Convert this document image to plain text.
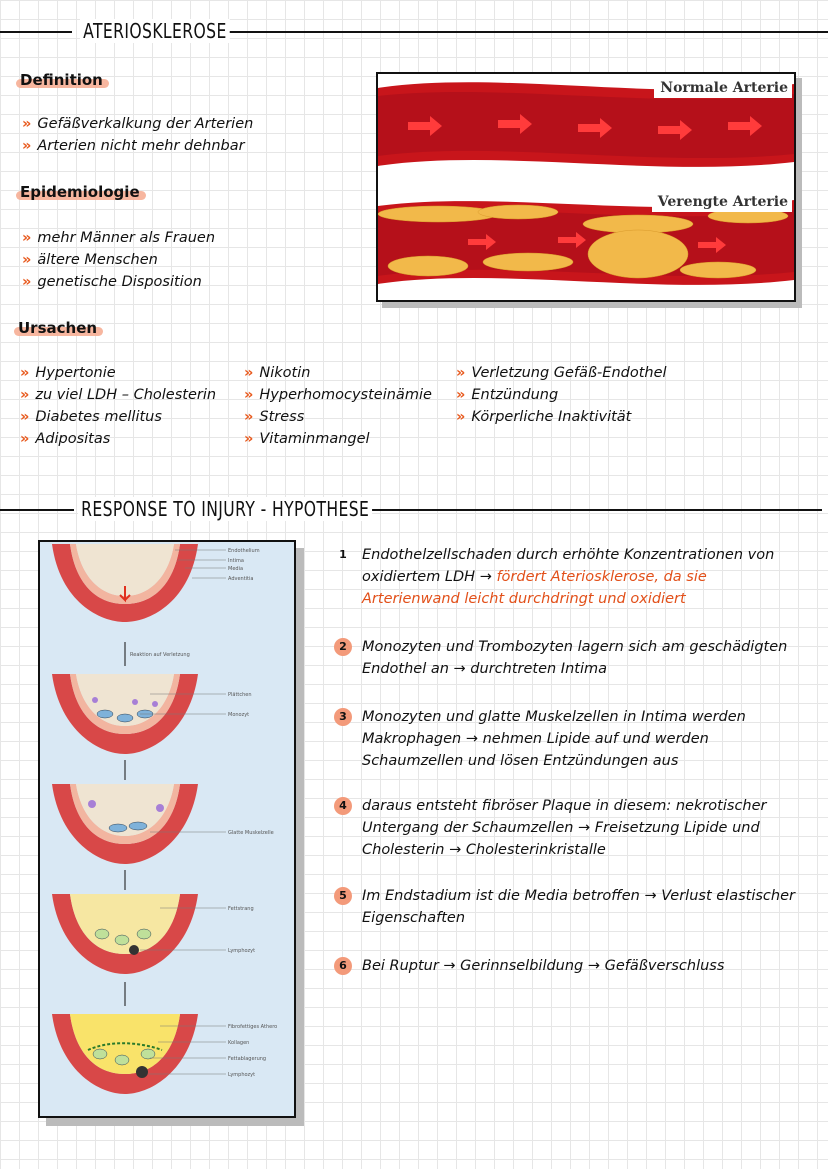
ATERIOSKLEROSE
Definition
» Gefäßverkalkung der Arterien
» Arterien nicht mehr dehnbar
Epidemiologie
» mehr Männer als Frauen
» ältere Menschen
» genetische Disposition
Ursachen
» Hypertonie
» zu viel LDH – Cholesterin
» Diabetes mellitus
» Adipositas
» Nikotin
» Hyperhomocysteinämie
» Stress
» Vitaminmangel
» Verletzung Gefäß-Endothel
» Entzündung
» Körperliche Inaktivität
Normale Arterie
Verengte Arterie
RESPONSE TO INJURY - HYPOTHESE
Endothelium
Intima
Media
Adventitia
Reaktion auf Verletzung
Plättchen
Monozyt
Glatte Muskelzelle
Fettstrang
Lymphozyt
Fibrofettiges Athero
Kollagen
Fettablagerung
Lymphozyt
1	Endothelzellschaden durch erhöhte Konzentrationen von oxidiertem LDH → fördert Ateriosklerose, da sie Arterienwand leicht durchdringt und oxidiert
2	Monozyten und Trombozyten lagern sich am geschädigten Endothel an → durchtreten Intima
3	Monozyten und glatte Muskelzellen in Intima werden Makrophagen → nehmen Lipide auf und werden Schaumzellen und lösen Entzündungen aus
4	daraus entsteht fibröser Plaque in diesem: nekrotischer Untergang der Schaumzellen → Freisetzung Lipide und Cholesterin → Cholesterinkristalle
5	Im Endstadium ist die Media betroffen → Verlust elastischer Eigenschaften
6	Bei Ruptur → Gerinnselbildung → Gefäßverschluss
